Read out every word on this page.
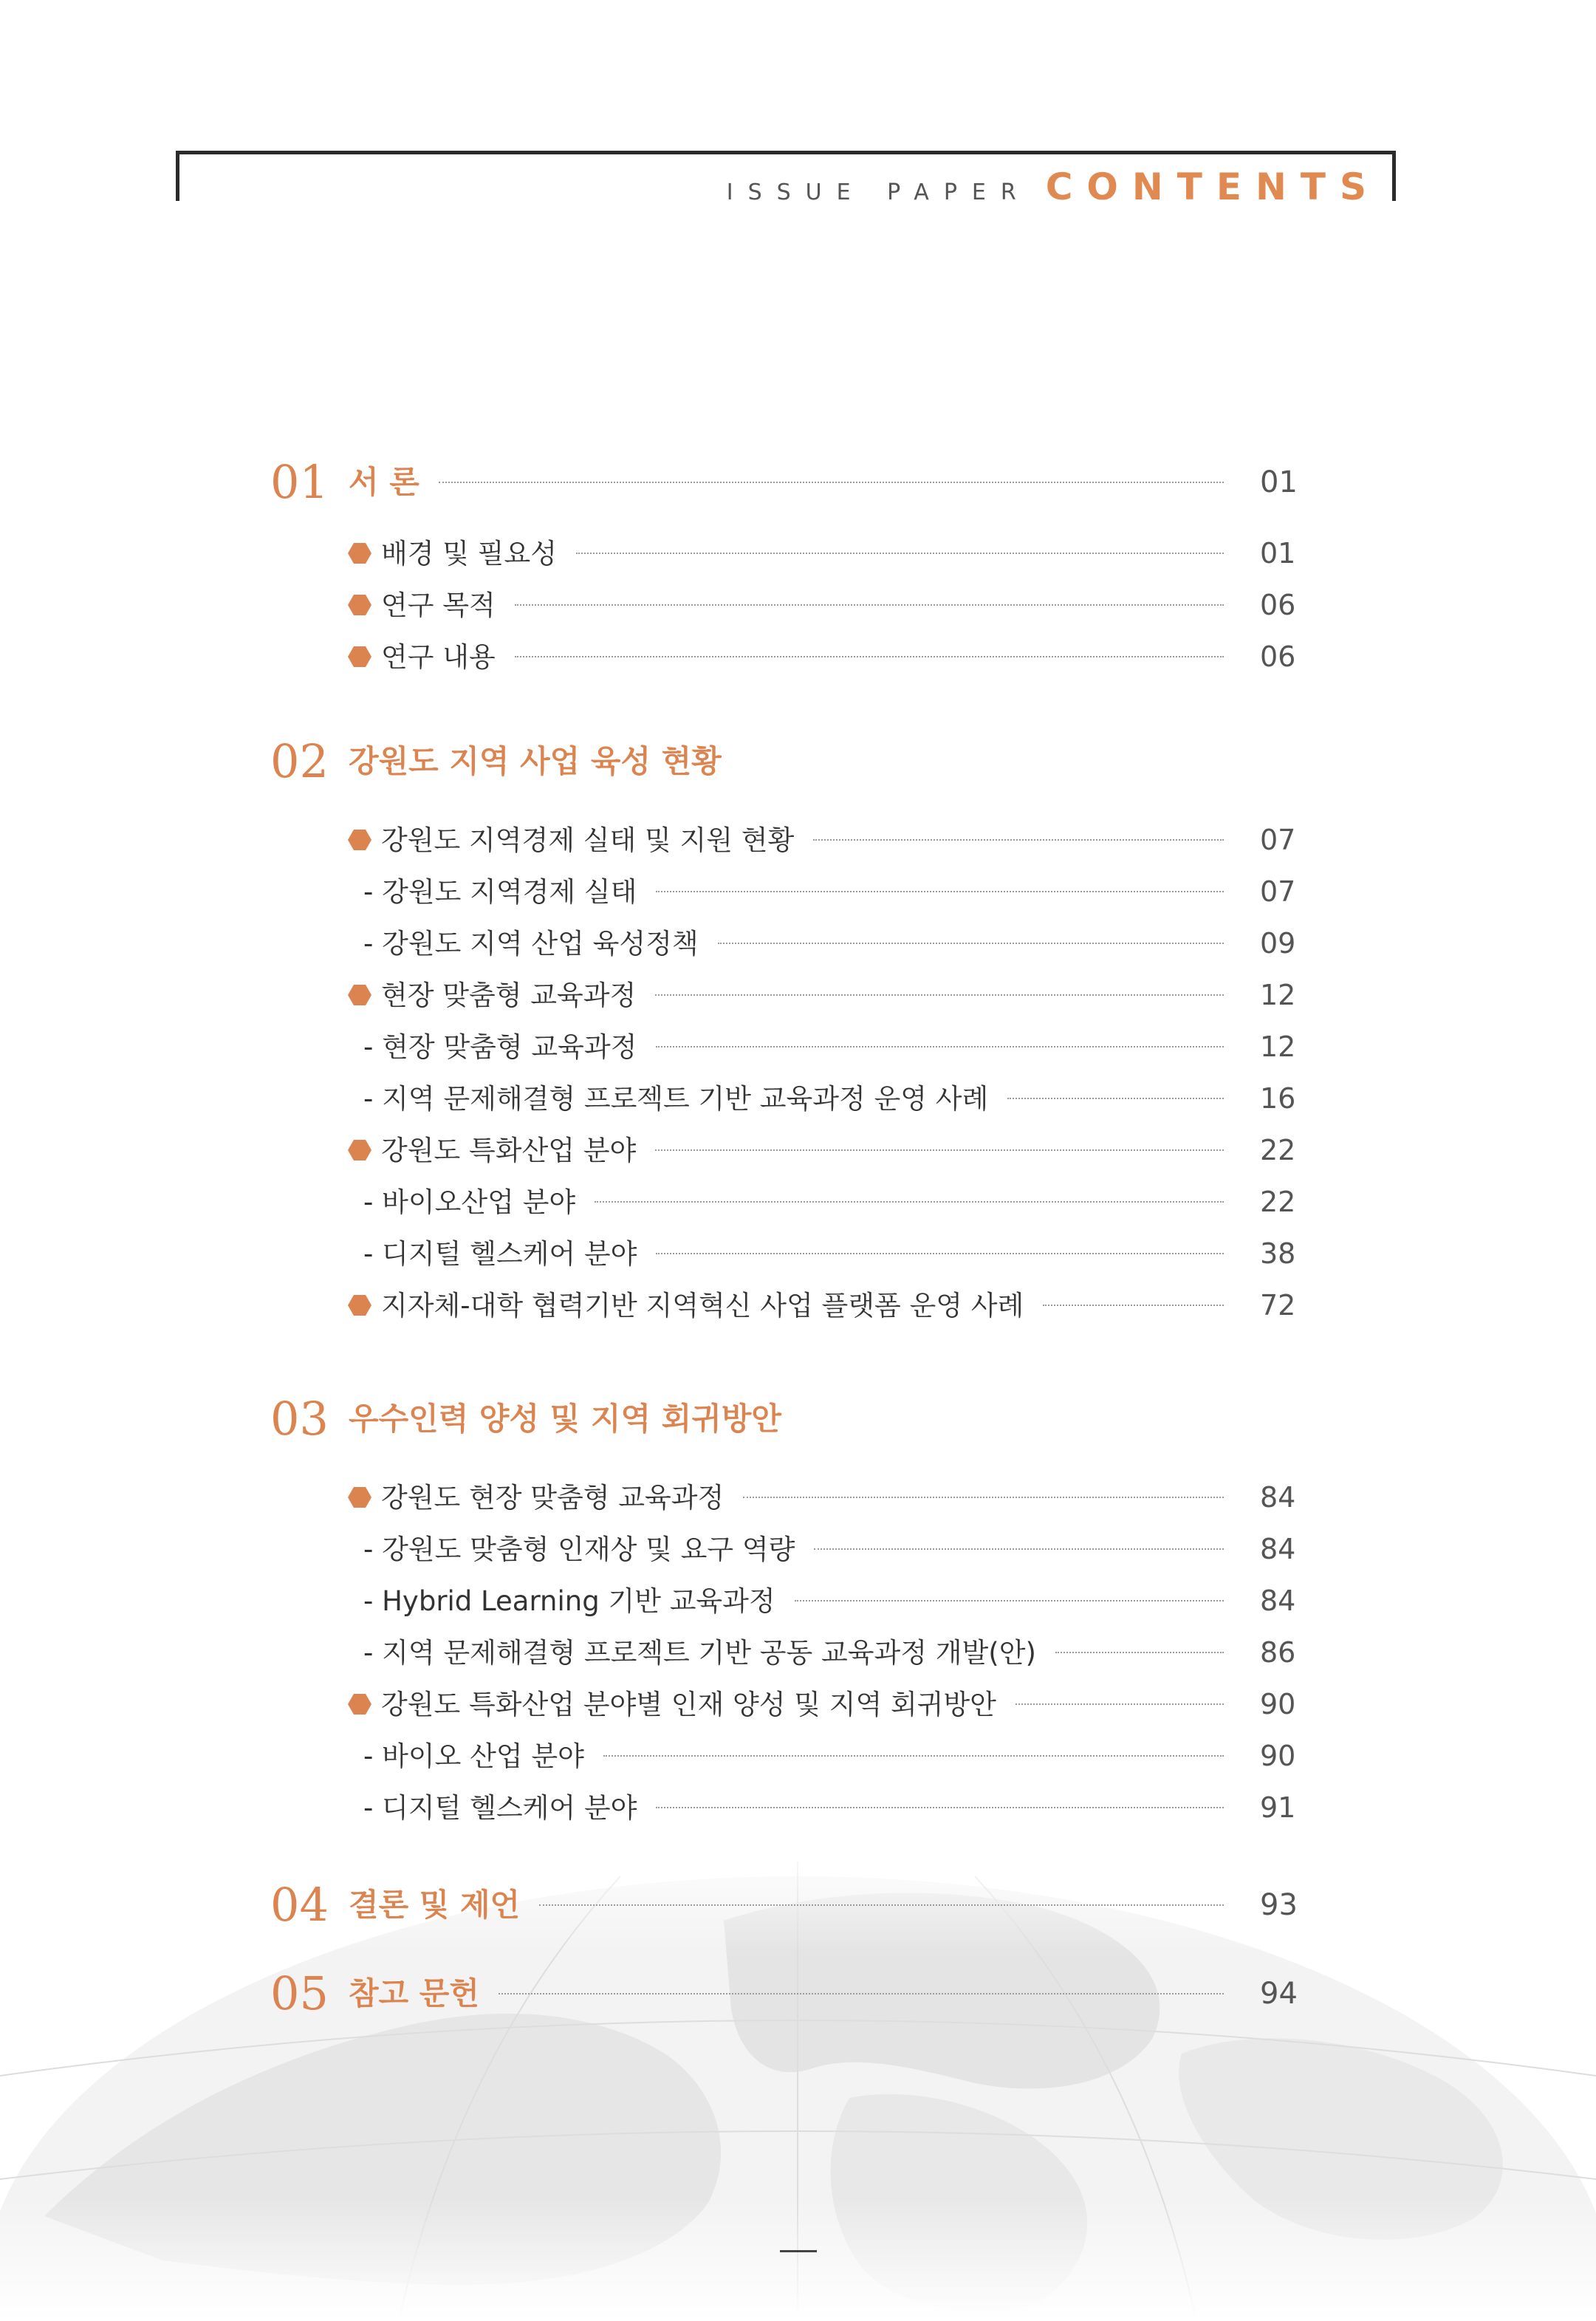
ISSUE PAPER CONTENTS
01 서 론	01
배경 및 필요성	01
연구 목적	06
연구 내용	06
02 강원도 지역 사업 육성 현황
강원도 지역경제 실태 및 지원 현황	07
- 강원도 지역경제 실태	07
- 강원도 지역 산업 육성정책	09
현장 맞춤형 교육과정	12
- 현장 맞춤형 교육과정	12
- 지역 문제해결형 프로젝트 기반 교육과정 운영 사례	16
강원도 특화산업 분야	22
- 바이오산업 분야	22
- 디지털 헬스케어 분야	38
지자체-대학 협력기반 지역혁신 사업 플랫폼 운영 사례	72
03 우수인력 양성 및 지역 회귀방안
강원도 현장 맞춤형 교육과정	84
- 강원도 맞춤형 인재상 및 요구 역량	84
- Hybrid Learning 기반 교육과정	84
- 지역 문제해결형 프로젝트 기반 공동 교육과정 개발(안)	86
강원도 특화산업 분야별 인재 양성 및 지역 회귀방안	90
- 바이오 산업 분야	90
- 디지털 헬스케어 분야	91
04 결론 및 제언	93
05 참고 문헌	94
